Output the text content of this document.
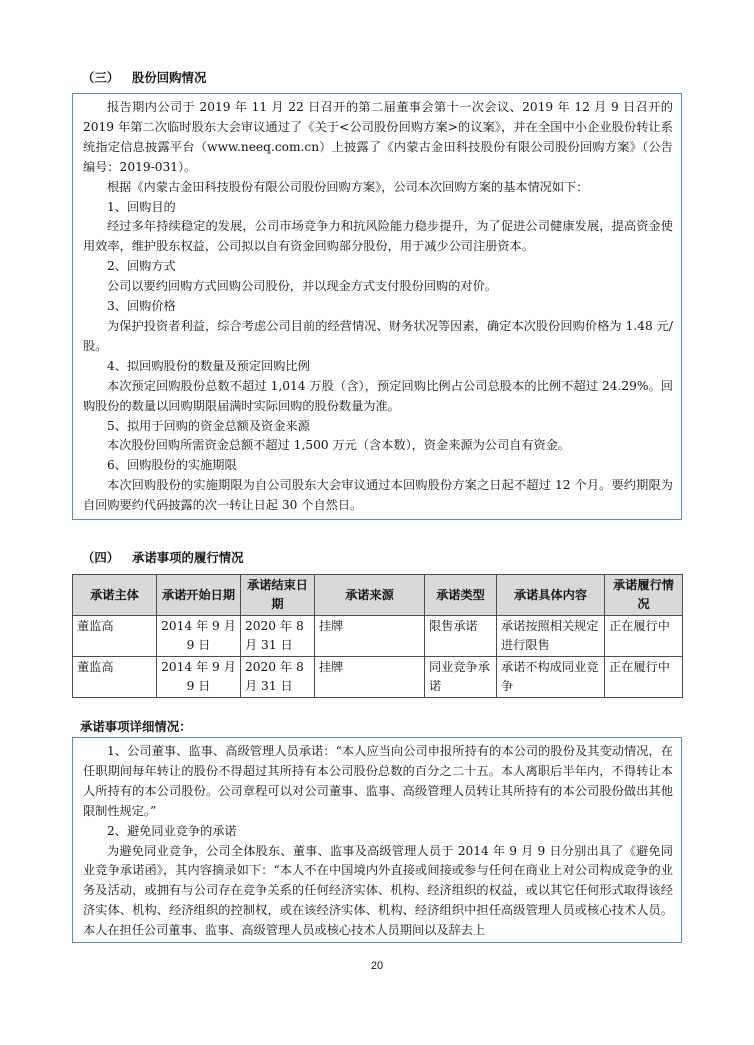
（三） 股份回购情况

报告期内公司于 2019 年 11 月 22 日召开的第二届董事会第十一次会议、2019 年 12 月 9 日召开的 2019 年第二次临时股东大会审议通过了《关于<公司股份回购方案>的议案》，并在全国中小企业股份转让系统指定信息披露平台（www.neeq.com.cn）上披露了《内蒙古金田科技股份有限公司股份回购方案》（公告编号：2019-031）。

根据《内蒙古金田科技股份有限公司股份回购方案》，公司本次回购方案的基本情况如下：

1、回购目的

经过多年持续稳定的发展，公司市场竞争力和抗风险能力稳步提升，为了促进公司健康发展，提高资金使用效率，维护股东权益，公司拟以自有资金回购部分股份，用于减少公司注册资本。

2、回购方式

公司以要约回购方式回购公司股份，并以现金方式支付股份回购的对价。

3、回购价格

为保护投资者利益，综合考虑公司目前的经营情况、财务状况等因素，确定本次股份回购价格为 1.48 元/股。

4、拟回购股份的数量及预定回购比例

本次预定回购股份总数不超过 1,014 万股（含），预定回购比例占公司总股本的比例不超过 24.29%。回购股份的数量以回购期限届满时实际回购的股份数量为准。

5、拟用于回购的资金总额及资金来源

本次股份回购所需资金总额不超过 1,500 万元（含本数），资金来源为公司自有资金。

6、回购股份的实施期限

本次回购股份的实施期限为自公司股东大会审议通过本回购股份方案之日起不超过 12 个月。要约期限为自回购要约代码披露的次一转让日起 30 个自然日。

（四） 承诺事项的履行情况
承诺主体	承诺开始日期	承诺结束日期	承诺来源	承诺类型	承诺具体内容	承诺履行情况
董监高	2014 年 9 月 9 日	2020 年 8 月 31 日	挂牌	限售承诺	承诺按照相关规定进行限售	正在履行中
董监高	2014 年 9 月 9 日	2020 年 8 月 31 日	挂牌	同业竞争承诺	承诺不构成同业竞争	正在履行中
承诺事项详细情况：

1、公司董事、监事、高级管理人员承诺：“本人应当向公司申报所持有的本公司的股份及其变动情况，在任职期间每年转让的股份不得超过其所持有本公司股份总数的百分之二十五。本人离职后半年内，不得转让本人所持有的本公司股份。公司章程可以对公司董事、监事、高级管理人员转让其所持有的本公司股份做出其他限制性规定。”

2、避免同业竞争的承诺

为避免同业竞争，公司全体股东、董事、监事及高级管理人员于 2014 年 9 月 9 日分别出具了《避免同业竞争承诺函》，其内容摘录如下：“本人不在中国境内外直接或间接或参与任何在商业上对公司构成竞争的业务及活动，或拥有与公司存在竞争关系的任何经济实体、机构、经济组织的权益，或以其它任何形式取得该经济实体、机构、经济组织的控制权，或在该经济实体、机构、经济组织中担任高级管理人员或核心技术人员。本人在担任公司董事、监事、高级管理人员或核心技术人员期间以及辞去上

20
